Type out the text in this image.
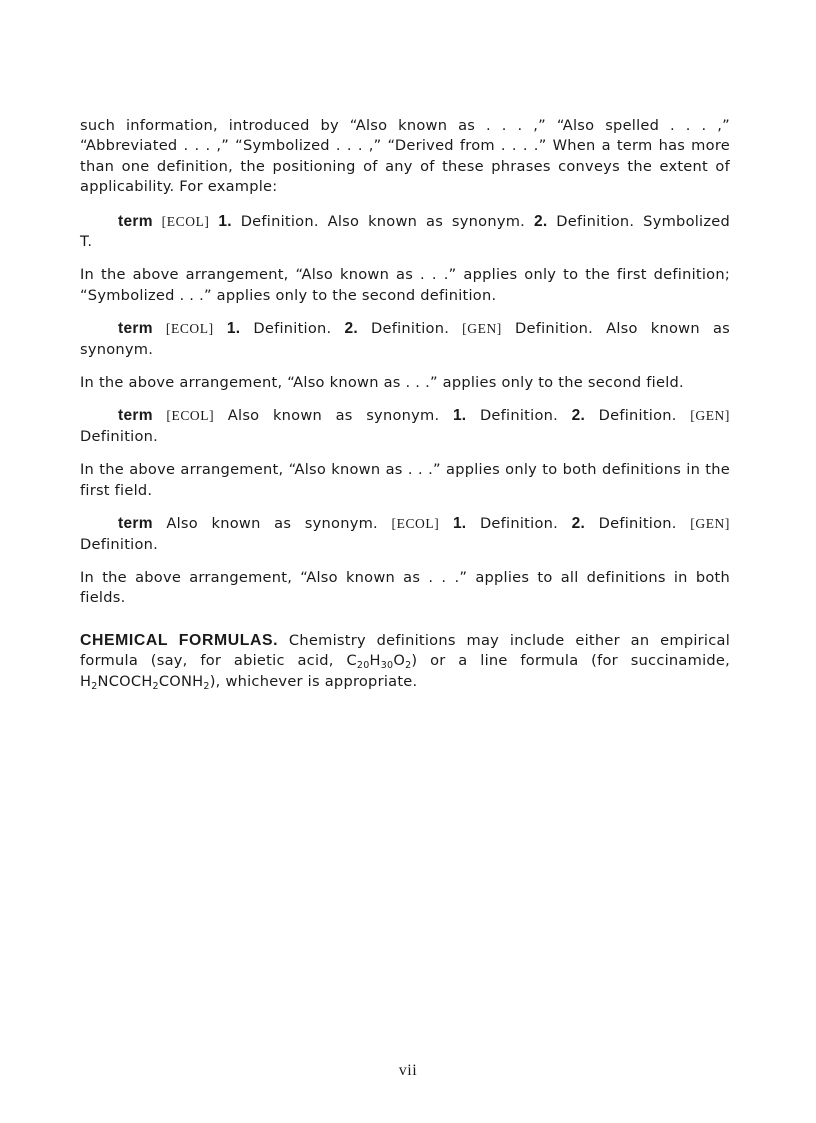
such information, introduced by “Also known as . . . ,” “Also spelled . . . ,” “Abbreviated . . . ,” “Symbolized . . . ,” “Derived from . . . .” When a term has more than one definition, the positioning of any of these phrases conveys the extent of applicability. For example:

term [ECOL] 1. Definition. Also known as synonym. 2. Definition. Symbolized T.

In the above arrangement, “Also known as . . .” applies only to the first definition; “Symbolized . . .” applies only to the second definition.

term [ECOL] 1. Definition. 2. Definition. [GEN] Definition. Also known as synonym.

In the above arrangement, “Also known as . . .” applies only to the second field.

term [ECOL] Also known as synonym. 1. Definition. 2. Definition. [GEN] Definition.

In the above arrangement, “Also known as . . .” applies only to both definitions in the first field.

term Also known as synonym. [ECOL] 1. Definition. 2. Definition. [GEN] Definition.

In the above arrangement, “Also known as . . .” applies to all definitions in both fields.

CHEMICAL FORMULAS. Chemistry definitions may include either an empirical formula (say, for abietic acid, $C_{20}H_{30}O_2$) or a line formula (for succinamide, $H_2NCOCH_2CONH_2$), whichever is appropriate.

vii
